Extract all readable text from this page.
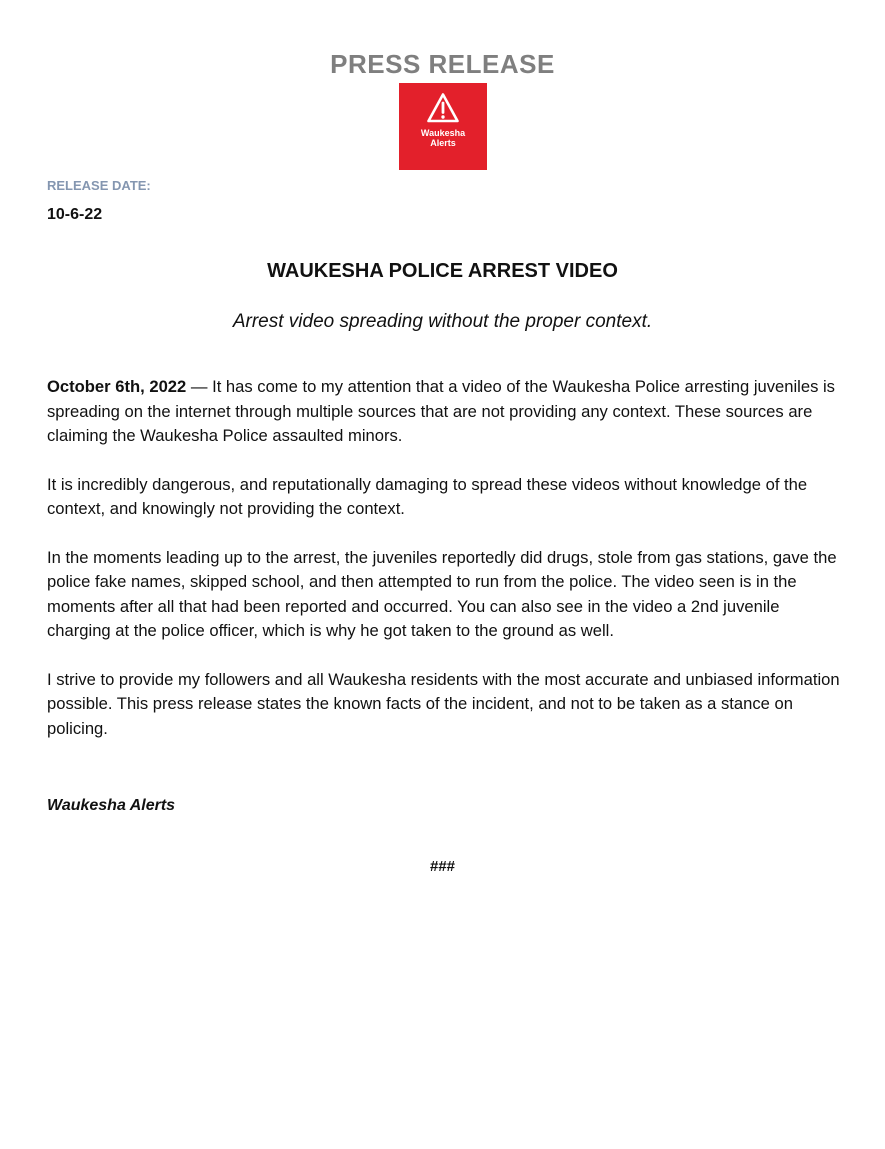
PRESS RELEASE
Waukesha
Alerts
RELEASE DATE:
10-6-22
WAUKESHA POLICE ARREST VIDEO
Arrest video spreading without the proper context.

October 6th, 2022 — It has come to my attention that a video of the Waukesha Police arresting juveniles is spreading on the internet through multiple sources that are not providing any context. These sources are claiming the Waukesha Police assaulted minors.

It is incredibly dangerous, and reputationally damaging to spread these videos without knowledge of the context, and knowingly not providing the context.

In the moments leading up to the arrest, the juveniles reportedly did drugs, stole from gas stations, gave the police fake names, skipped school, and then attempted to run from the police. The video seen is in the moments after all that had been reported and occurred. You can also see in the video a 2nd juvenile charging at the police officer, which is why he got taken to the ground as well.

I strive to provide my followers and all Waukesha residents with the most accurate and unbiased information possible. This press release states the known facts of the incident, and not to be taken as a stance on policing.

Waukesha Alerts
###
